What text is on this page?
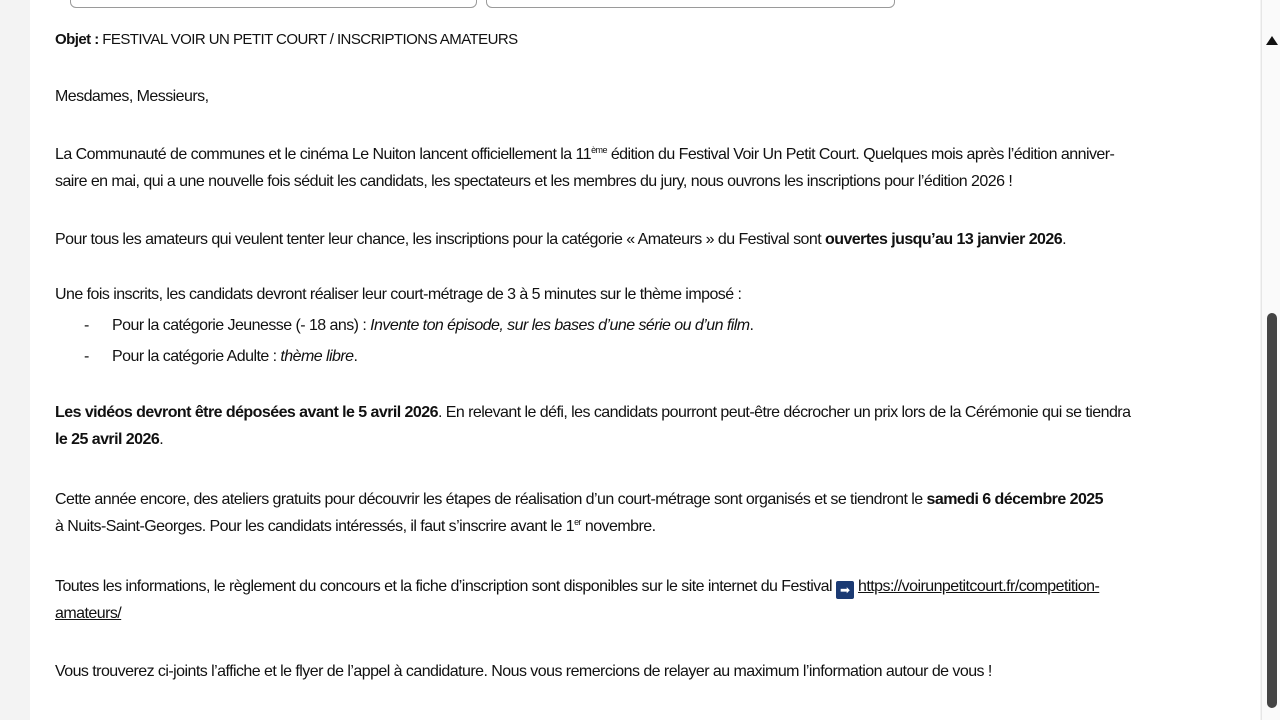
Objet : FESTIVAL VOIR UN PETIT COURT / INSCRIPTIONS AMATEURS

Mesdames, Messieurs,

La Communauté de communes et le cinéma Le Nuiton lancent officiellement la 11ème édition du Festival Voir Un Petit Court. Quelques mois après l’édition anniver-
saire en mai, qui a une nouvelle fois séduit les candidats, les spectateurs et les membres du jury, nous ouvrons les inscriptions pour l’édition 2026 !

Pour tous les amateurs qui veulent tenter leur chance, les inscriptions pour la catégorie « Amateurs » du Festival sont ouvertes jusqu’au 13 janvier 2026.

Une fois inscrits, les candidats devront réaliser leur court-métrage de 3 à 5 minutes sur le thème imposé :

- Pour la catégorie Jeunesse (- 18 ans) : Invente ton épisode, sur les bases d’une série ou d’un film.
- Pour la catégorie Adulte : thème libre.

Les vidéos devront être déposées avant le 5 avril 2026. En relevant le défi, les candidats pourront peut-être décrocher un prix lors de la Cérémonie qui se tiendra
le 25 avril 2026.

Cette année encore, des ateliers gratuits pour découvrir les étapes de réalisation d’un court-métrage sont organisés et se tiendront le samedi 6 décembre 2025
à Nuits-Saint-Georges. Pour les candidats intéressés, il faut s’inscrire avant le 1er novembre.

Toutes les informations, le règlement du concours et la fiche d’inscription sont disponibles sur le site internet du Festival ➡ https://voirunpetitcourt.fr/competition-
amateurs/

Vous trouverez ci-joints l’affiche et le flyer de l’appel à candidature. Nous vous remercions de relayer au maximum l’information autour de vous !
